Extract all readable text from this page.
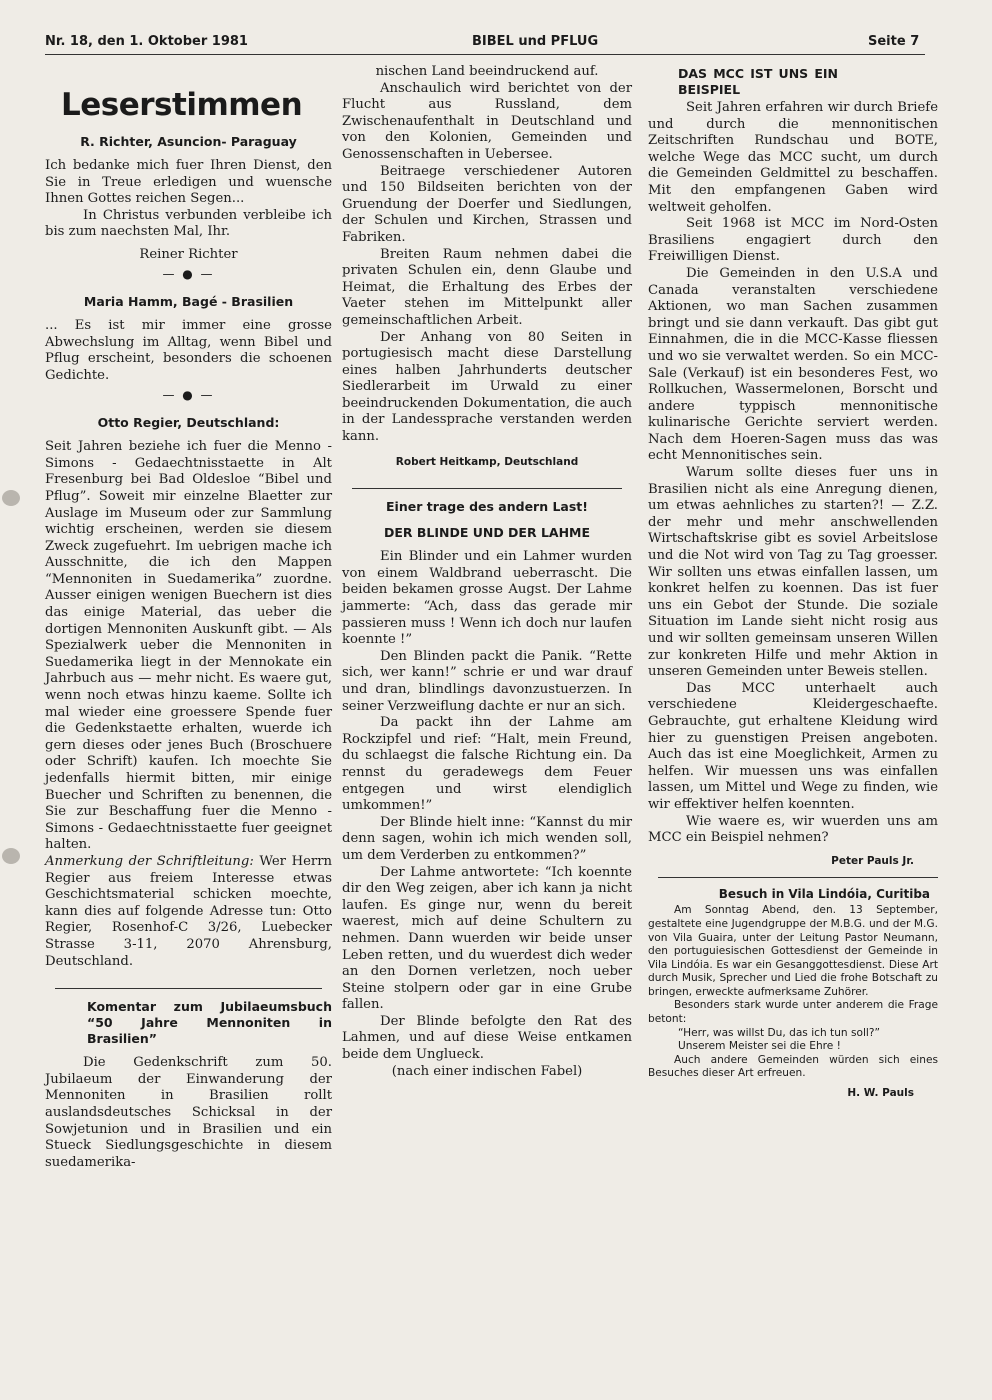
Nr. 18, den 1. Oktober 1981	BIBEL und PFLUG	Seite 7
Leserstimmen
R. Richter, Asuncion- Paraguay

Ich bedanke mich fuer Ihren Dienst, den Sie in Treue erledigen und wuensche Ihnen Gottes reichen Segen...

In Christus verbunden verbleibe ich bis zum naechsten Mal, Ihr.

Reiner Richter

— ● —
Maria Hamm, Bagé - Brasilien

... Es ist mir immer eine grosse Abwechslung im Alltag, wenn Bibel und Pflug erscheint, besonders die schoenen Gedichte.

— ● —
Otto Regier, Deutschland:

Seit Jahren beziehe ich fuer die Menno - Simons - Gedaechtnisstaette in Alt Fresenburg bei Bad Oldesloe “Bibel und Pflug”. Soweit mir einzelne Blaetter zur Auslage im Museum oder zur Sammlung wichtig erscheinen, werden sie diesem Zweck zugefuehrt. Im uebrigen mache ich Ausschnitte, die ich den Mappen “Mennoniten in Suedamerika” zuordne. Ausser einigen wenigen Buechern ist dies das einige Material, das ueber die dortigen Mennoniten Auskunft gibt. — Als Spezialwerk ueber die Mennoniten in Suedamerika liegt in der Mennokate ein Jahrbuch aus — mehr nicht. Es waere gut, wenn noch etwas hinzu kaeme. Sollte ich mal wieder eine groessere Spende fuer die Gedenkstaette erhalten, wuerde ich gern dieses oder jenes Buch (Broschuere oder Schrift) kaufen. Ich moechte Sie jedenfalls hiermit bitten, mir einige Buecher und Schriften zu benennen, die Sie zur Beschaffung fuer die Menno - Simons - Gedaechtnisstaette fuer geeignet halten.

Anmerkung der Schriftleitung: Wer Herrn Regier aus freiem Interesse etwas Geschichtsmaterial schicken moechte, kann dies auf folgende Adresse tun: Otto Regier, Rosenhof-C 3/26, Luebecker Strasse 3-11, 2070 Ahrensburg, Deutschland.

Komentar zum Jubilaeumsbuch “50 Jahre Mennoniten in Brasilien”

Die Gedenkschrift zum 50. Jubilaeum der Einwanderung der Mennoniten in Brasilien rollt auslandsdeutsches Schicksal in der Sowjetunion und in Brasilien und ein Stueck Siedlungsgeschichte in diesem suedamerika-

nischen Land beeindruckend auf.

Anschaulich wird berichtet von der Flucht aus Russland, dem Zwischenaufenthalt in Deutschland und von den Kolonien, Gemeinden und Genossenschaften in Uebersee.

Beitraege verschiedener Autoren und 150 Bildseiten berichten von der Gruendung der Doerfer und Siedlungen, der Schulen und Kirchen, Strassen und Fabriken.

Breiten Raum nehmen dabei die privaten Schulen ein, denn Glaube und Heimat, die Erhaltung des Erbes der Vaeter stehen im Mittelpunkt aller gemeinschaftlichen Arbeit.

Der Anhang von 80 Seiten in portugiesisch macht diese Darstellung eines halben Jahrhunderts deutscher Siedlerarbeit im Urwald zu einer beeindruckenden Dokumentation, die auch in der Landessprache verstanden werden kann.

Robert Heitkamp, Deutschland
Einer trage des andern Last!
DER BLINDE UND DER LAHME

Ein Blinder und ein Lahmer wurden von einem Waldbrand ueberrascht. Die beiden bekamen grosse Augst. Der Lahme jammerte: “Ach, dass das gerade mir passieren muss ! Wenn ich doch nur laufen koennte !”

Den Blinden packt die Panik. “Rette sich, wer kann!” schrie er und war drauf und dran, blindlings davonzustuerzen. In seiner Verzweiflung dachte er nur an sich.

Da packt ihn der Lahme am Rockzipfel und rief: “Halt, mein Freund, du schlaegst die falsche Richtung ein. Da rennst du geradewegs dem Feuer entgegen und wirst elendiglich umkommen!”

Der Blinde hielt inne: “Kannst du mir denn sagen, wohin ich mich wenden soll, um dem Verderben zu entkommen?”

Der Lahme antwortete: “Ich koennte dir den Weg zeigen, aber ich kann ja nicht laufen. Es ginge nur, wenn du bereit waerest, mich auf deine Schultern zu nehmen. Dann wuerden wir beide unser Leben retten, und du wuerdest dich weder an den Dornen verletzen, noch ueber Steine stolpern oder gar in eine Grube fallen.

Der Blinde befolgte den Rat des Lahmen, und auf diese Weise entkamen beide dem Unglueck.

(nach einer indischen Fabel)

DAS MCC IST UNS EIN BEISPIEL

Seit Jahren erfahren wir durch Briefe und durch die mennonitischen Zeitschriften Rundschau und BOTE, welche Wege das MCC sucht, um durch die Gemeinden Geldmittel zu beschaffen. Mit den empfangenen Gaben wird weltweit geholfen.

Seit 1968 ist MCC im Nord-Osten Brasiliens engagiert durch den Freiwilligen Dienst.

Die Gemeinden in den U.S.A und Canada veranstalten verschiedene Aktionen, wo man Sachen zusammen bringt und sie dann verkauft. Das gibt gut Einnahmen, die in die MCC-Kasse fliessen und wo sie verwaltet werden. So ein MCC-Sale (Verkauf) ist ein besonderes Fest, wo Rollkuchen, Wassermelonen, Borscht und andere typpisch mennonitische kulinarische Gerichte serviert werden. Nach dem Hoeren-Sagen muss das was echt Mennonitisches sein.

Warum sollte dieses fuer uns in Brasilien nicht als eine Anregung dienen, um etwas aehnliches zu starten?! — Z.Z. der mehr und mehr anschwellenden Wirtschaftskrise gibt es soviel Arbeitslose und die Not wird von Tag zu Tag groesser. Wir sollten uns etwas einfallen lassen, um konkret helfen zu koennen. Das ist fuer uns ein Gebot der Stunde. Die soziale Situation im Lande sieht nicht rosig aus und wir sollten gemeinsam unseren Willen zur konkreten Hilfe und mehr Aktion in unseren Gemeinden unter Beweis stellen.

Das MCC unterhaelt auch verschiedene Kleidergeschaefte. Gebrauchte, gut erhaltene Kleidung wird hier zu guenstigen Preisen angeboten. Auch das ist eine Moeglichkeit, Armen zu helfen. Wir muessen uns was einfallen lassen, um Mittel und Wege zu finden, wie wir effektiver helfen koennten.

Wie waere es, wir wuerden uns am MCC ein Beispiel nehmen?

Peter Pauls Jr.
Besuch in Vila Lindóia, Curitiba

Am Sonntag Abend, den. 13 September, gestaltete eine Jugendgruppe der M.B.G. und der M.G. von Vila Guaira, unter der Leitung Pastor Neumann, den portuguiesischen Gottesdienst der Gemeinde in Vila Lindóia. Es war ein Gesanggottesdienst. Diese Art durch Musik, Sprecher und Lied die frohe Botschaft zu bringen, erweckte aufmerksame Zuhörer.

Besonders stark wurde unter anderem die Frage betont:

“Herr, was willst Du, das ich tun soll?”

Unserem Meister sei die Ehre !

Auch andere Gemeinden würden sich eines Besuches dieser Art erfreuen.

H. W. Pauls
